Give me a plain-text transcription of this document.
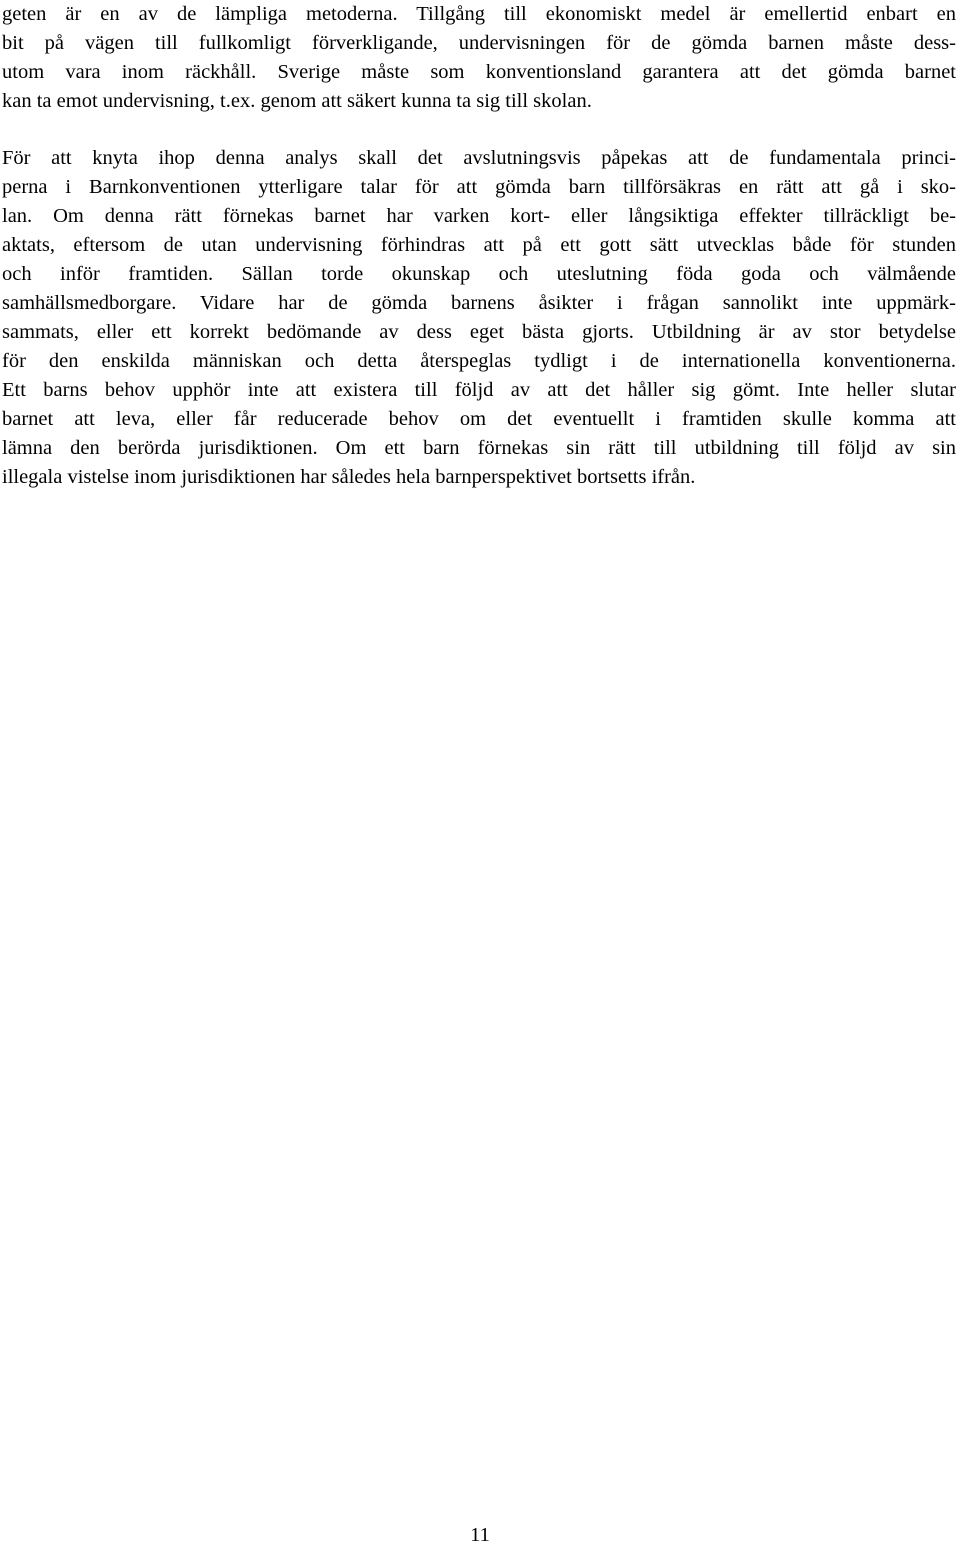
geten är en av de lämpliga metoderna. Tillgång till ekonomiskt medel är emellertid enbart en
bit på vägen till fullkomligt förverkligande, undervisningen för de gömda barnen måste dess-
utom vara inom räckhåll. Sverige måste som konventionsland garantera att det gömda barnet
kan ta emot undervisning, t.ex. genom att säkert kunna ta sig till skolan.
För att knyta ihop denna analys skall det avslutningsvis påpekas att de fundamentala princi-
perna i Barnkonventionen ytterligare talar för att gömda barn tillförsäkras en rätt att gå i sko-
lan. Om denna rätt förnekas barnet har varken kort- eller långsiktiga effekter tillräckligt be-
aktats, eftersom de utan undervisning förhindras att på ett gott sätt utvecklas både för stunden
och inför framtiden. Sällan torde okunskap och uteslutning föda goda och välmående
samhällsmedborgare. Vidare har de gömda barnens åsikter i frågan sannolikt inte uppmärk-
sammats, eller ett korrekt bedömande av dess eget bästa gjorts. Utbildning är av stor betydelse
för den enskilda människan och detta återspeglas tydligt i de internationella konventionerna.
Ett barns behov upphör inte att existera till följd av att det håller sig gömt. Inte heller slutar
barnet att leva, eller får reducerade behov om det eventuellt i framtiden skulle komma att
lämna den berörda jurisdiktionen. Om ett barn förnekas sin rätt till utbildning till följd av sin
illegala vistelse inom jurisdiktionen har således hela barnperspektivet bortsetts ifrån.
11
